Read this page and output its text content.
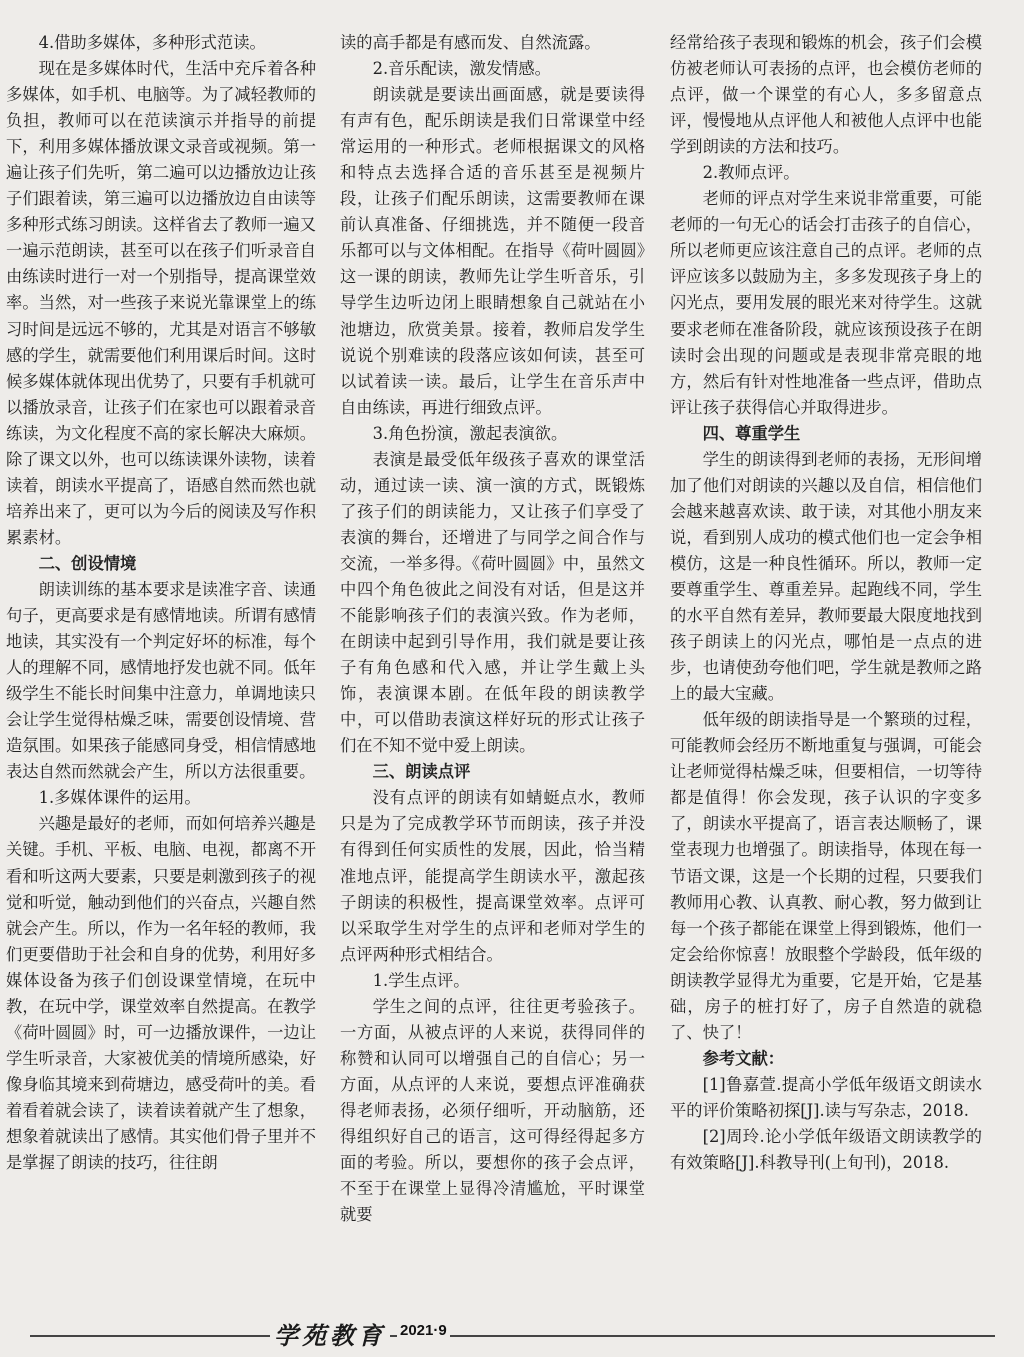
4.借助多媒体，多种形式范读。

现在是多媒体时代，生活中充斥着各种多媒体，如手机、电脑等。为了减轻教师的负担，教师可以在范读演示并指导的前提下，利用多媒体播放课文录音或视频。第一遍让孩子们先听，第二遍可以边播放边让孩子们跟着读，第三遍可以边播放边自由读等多种形式练习朗读。这样省去了教师一遍又一遍示范朗读，甚至可以在孩子们听录音自由练读时进行一对一个别指导，提高课堂效率。当然，对一些孩子来说光靠课堂上的练习时间是远远不够的，尤其是对语言不够敏感的学生，就需要他们利用课后时间。这时候多媒体就体现出优势了，只要有手机就可以播放录音，让孩子们在家也可以跟着录音练读，为文化程度不高的家长解决大麻烦。除了课文以外，也可以练读课外读物，读着读着，朗读水平提高了，语感自然而然也就培养出来了，更可以为今后的阅读及写作积累素材。

二、创设情境

朗读训练的基本要求是读准字音、读通句子，更高要求是有感情地读。所谓有感情地读，其实没有一个判定好坏的标准，每个人的理解不同，感情地抒发也就不同。低年级学生不能长时间集中注意力，单调地读只会让学生觉得枯燥乏味，需要创设情境、营造氛围。如果孩子能感同身受，相信情感地表达自然而然就会产生，所以方法很重要。

1.多媒体课件的运用。

兴趣是最好的老师，而如何培养兴趣是关键。手机、平板、电脑、电视，都离不开看和听这两大要素，只要是刺激到孩子的视觉和听觉，触动到他们的兴奋点，兴趣自然就会产生。所以，作为一名年轻的教师，我们更要借助于社会和自身的优势，利用好多媒体设备为孩子们创设课堂情境，在玩中教，在玩中学，课堂效率自然提高。在教学《荷叶圆圆》时，可一边播放课件，一边让学生听录音，大家被优美的情境所感染，好像身临其境来到荷塘边，感受荷叶的美。看着看着就会读了，读着读着就产生了想象，想象着就读出了感情。其实他们骨子里并不是掌握了朗读的技巧，往往朗

读的高手都是有感而发、自然流露。

2.音乐配读，激发情感。

朗读就是要读出画面感，就是要读得有声有色，配乐朗读是我们日常课堂中经常运用的一种形式。老师根据课文的风格和特点去选择合适的音乐甚至是视频片段，让孩子们配乐朗读，这需要教师在课前认真准备、仔细挑选，并不随便一段音乐都可以与文体相配。在指导《荷叶圆圆》这一课的朗读，教师先让学生听音乐，引导学生边听边闭上眼睛想象自己就站在小池塘边，欣赏美景。接着，教师启发学生说说个别难读的段落应该如何读，甚至可以试着读一读。最后，让学生在音乐声中自由练读，再进行细致点评。

3.角色扮演，激起表演欲。

表演是最受低年级孩子喜欢的课堂活动，通过读一读、演一演的方式，既锻炼了孩子们的朗读能力，又让孩子们享受了表演的舞台，还增进了与同学之间合作与交流，一举多得。《荷叶圆圆》中，虽然文中四个角色彼此之间没有对话，但是这并不能影响孩子们的表演兴致。作为老师，在朗读中起到引导作用，我们就是要让孩子有角色感和代入感，并让学生戴上头饰，表演课本剧。在低年段的朗读教学中，可以借助表演这样好玩的形式让孩子们在不知不觉中爱上朗读。

三、朗读点评

没有点评的朗读有如蜻蜓点水，教师只是为了完成教学环节而朗读，孩子并没有得到任何实质性的发展，因此，恰当精准地点评，能提高学生朗读水平，激起孩子朗读的积极性，提高课堂效率。点评可以采取学生对学生的点评和老师对学生的点评两种形式相结合。

1.学生点评。

学生之间的点评，往往更考验孩子。一方面，从被点评的人来说，获得同伴的称赞和认同可以增强自己的自信心；另一方面，从点评的人来说，要想点评准确获得老师表扬，必须仔细听，开动脑筋，还得组织好自己的语言，这可得经得起多方面的考验。所以，要想你的孩子会点评，不至于在课堂上显得冷清尴尬，平时课堂就要

经常给孩子表现和锻炼的机会，孩子们会模仿被老师认可表扬的点评，也会模仿老师的点评，做一个课堂的有心人，多多留意点评，慢慢地从点评他人和被他人点评中也能学到朗读的方法和技巧。

2.教师点评。

老师的评点对学生来说非常重要，可能老师的一句无心的话会打击孩子的自信心，所以老师更应该注意自己的点评。老师的点评应该多以鼓励为主，多多发现孩子身上的闪光点，要用发展的眼光来对待学生。这就要求老师在准备阶段，就应该预设孩子在朗读时会出现的问题或是表现非常亮眼的地方，然后有针对性地准备一些点评，借助点评让孩子获得信心并取得进步。

四、尊重学生

学生的朗读得到老师的表扬，无形间增加了他们对朗读的兴趣以及自信，相信他们会越来越喜欢读、敢于读，对其他小朋友来说，看到别人成功的模式他们也一定会争相模仿，这是一种良性循环。所以，教师一定要尊重学生、尊重差异。起跑线不同，学生的水平自然有差异，教师要最大限度地找到孩子朗读上的闪光点，哪怕是一点点的进步，也请使劲夸他们吧，学生就是教师之路上的最大宝藏。

低年级的朗读指导是一个繁琐的过程，可能教师会经历不断地重复与强调，可能会让老师觉得枯燥乏味，但要相信，一切等待都是值得！你会发现，孩子认识的字变多了，朗读水平提高了，语言表达顺畅了，课堂表现力也增强了。朗读指导，体现在每一节语文课，这是一个长期的过程，只要我们教师用心教、认真教、耐心教，努力做到让每一个孩子都能在课堂上得到锻炼，他们一定会给你惊喜！放眼整个学龄段，低年级的朗读教学显得尤为重要，它是开始，它是基础，房子的桩打好了，房子自然造的就稳了、快了！

参考文献：

[1]鲁嘉萱.提高小学低年级语文朗读水平的评价策略初探[J].读与写杂志，2018.

[2]周玲.论小学低年级语文朗读教学的有效策略[J].科教导刊(上旬刊)，2018.

学苑教育 2021·9
